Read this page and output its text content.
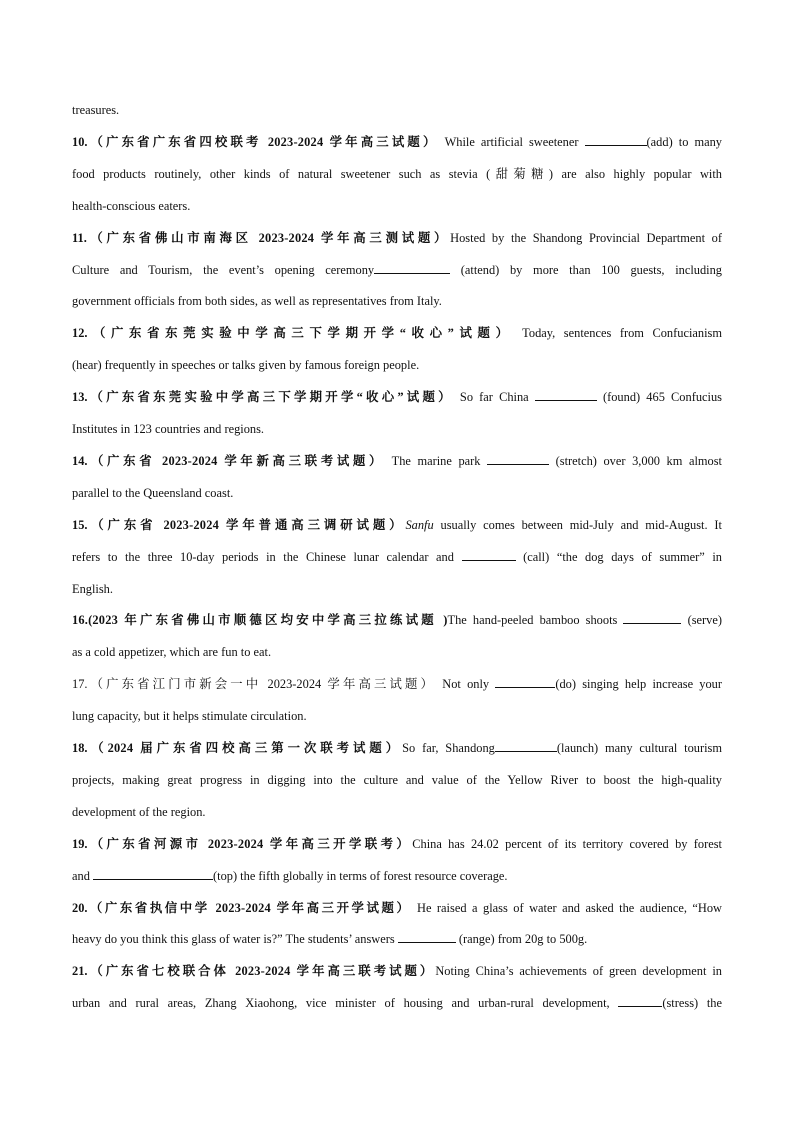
treasures.
10.（广东省广东省四校联考 2023-2024 学年高三试题） While artificial sweetener	(add) to many
food products routinely, other kinds of natural sweetener such as stevia (甜菊糖) are also highly popular with
health-conscious eaters.
11.（广东省佛山市南海区 2023-2024 学年高三测试题）Hosted by the Shandong Provincial Department of
Culture and Tourism, the event’s opening ceremony	(attend) by more than 100 guests, including
government officials from both sides, as well as representatives from Italy.
12.（广东省东莞实验中学高三下学期开学“收心”试题） Today, sentences from Confucianism
(hear) frequently in speeches or talks given by famous foreign people.
13.（广东省东莞实验中学高三下学期开学“收心”试题） So far China	(found) 465 Confucius
Institutes in 123 countries and regions.
14.（广东省 2023-2024 学年新高三联考试题） The marine park	(stretch) over 3,000 km almost
parallel to the Queensland coast.
15.（广东省 2023-2024 学年普通高三调研试题）Sanfu usually comes between mid-July and mid-August. It
refers to the three 10-day periods in the Chinese lunar calendar and	(call) “the dog days of summer” in
English.
16.(2023 年广东省佛山市顺德区均安中学高三拉练试题 )The hand-peeled bamboo shoots	(serve)
as a cold appetizer, which are fun to eat.
17.（广东省江门市新会一中 2023-2024 学年高三试题） Not only	(do) singing help increase your
lung capacity, but it helps stimulate circulation.
18.（2024 届广东省四校高三第一次联考试题）So far, Shandong	(launch) many cultural tourism
projects, making great progress in digging into the culture and value of the Yellow River to boost the high-quality
development of the region.
19.（广东省河源市 2023-2024 学年高三开学联考）China has 24.02 percent of its territory covered by forest
and	(top) the fifth globally in terms of forest resource coverage.
20.（广东省执信中学 2023-2024 学年高三开学试题） He raised a glass of water and asked the audience, “How
heavy do you think this glass of water is?” The students’ answers	(range) from 20g to 500g.
21.（广东省七校联合体 2023-2024 学年高三联考试题）Noting China’s achievements of green development in
urban and rural areas, Zhang Xiaohong, vice minister of housing and urban-rural development,	(stress) the
